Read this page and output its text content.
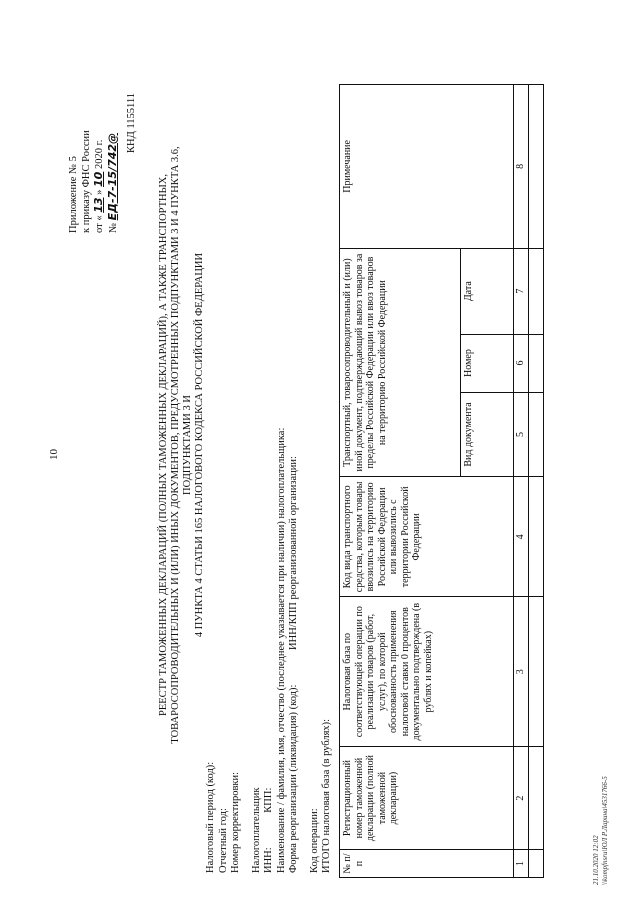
10
Приложение № 5 к приказу ФНС России от « 13 » 10 2020 г.
№ ЕД-7-15/742@
КНД 1155111
РЕЕСТР ТАМОЖЕННЫХ ДЕКЛАРАЦИЙ (ПОЛНЫХ ТАМОЖЕННЫХ ДЕКЛАРАЦИЙ), А ТАКЖЕ ТРАНСПОРТНЫХ, ТОВАРОСОПРОВОДИТЕЛЬНЫХ И (ИЛИ) ИНЫХ ДОКУМЕНТОВ, ПРЕДУСМОТРЕННЫХ ПОДПУНКТАМИ 3 И 4 ПУНКТА 3.6, ПОДПУНКТАМИ 3 И 4 ПУНКТА 4 СТАТЬИ 165 НАЛОГОВОГО КОДЕКСА РОССИЙСКОЙ ФЕДЕРАЦИИ
Налоговый период (код): Отчетный год: Номер корректировки: Налогоплательщик ИНН: КПП: Наименование / фамилия, имя, отчество (последнее указывается при наличии) налогоплательщика: Форма реорганизации (ликвидация) (код): ИНН/КПП реорганизованной организации:
Код операции: ИТОГО налоговая база (в рублях): № п/п	Регистрационный номер таможенной декларации (полной таможенной декларации)	Налоговая база по соответствующей операции по реализации товаров (работ, услуг), по которой обоснованность применения налоговой ставки 0 процентов документально подтверждена (в рублях и копейках)	Код вида транспортного средства, которым товары ввозились на территорию Российской Федерации или вывозились с территории Российской Федерации	Транспортный, товаросопроводительный и (или) иной документ, подтверждающий вывоз товаров за пределы Российской Федерации или ввоз товаров на территорию Российской Федерации			Примечание
				Вид документа	Номер	Дата	
1	2	3	4	5	6	7	8

21.10.2020 12:02 \\kompfnsru\ЮЛ Р.Ларина\4531766-5
